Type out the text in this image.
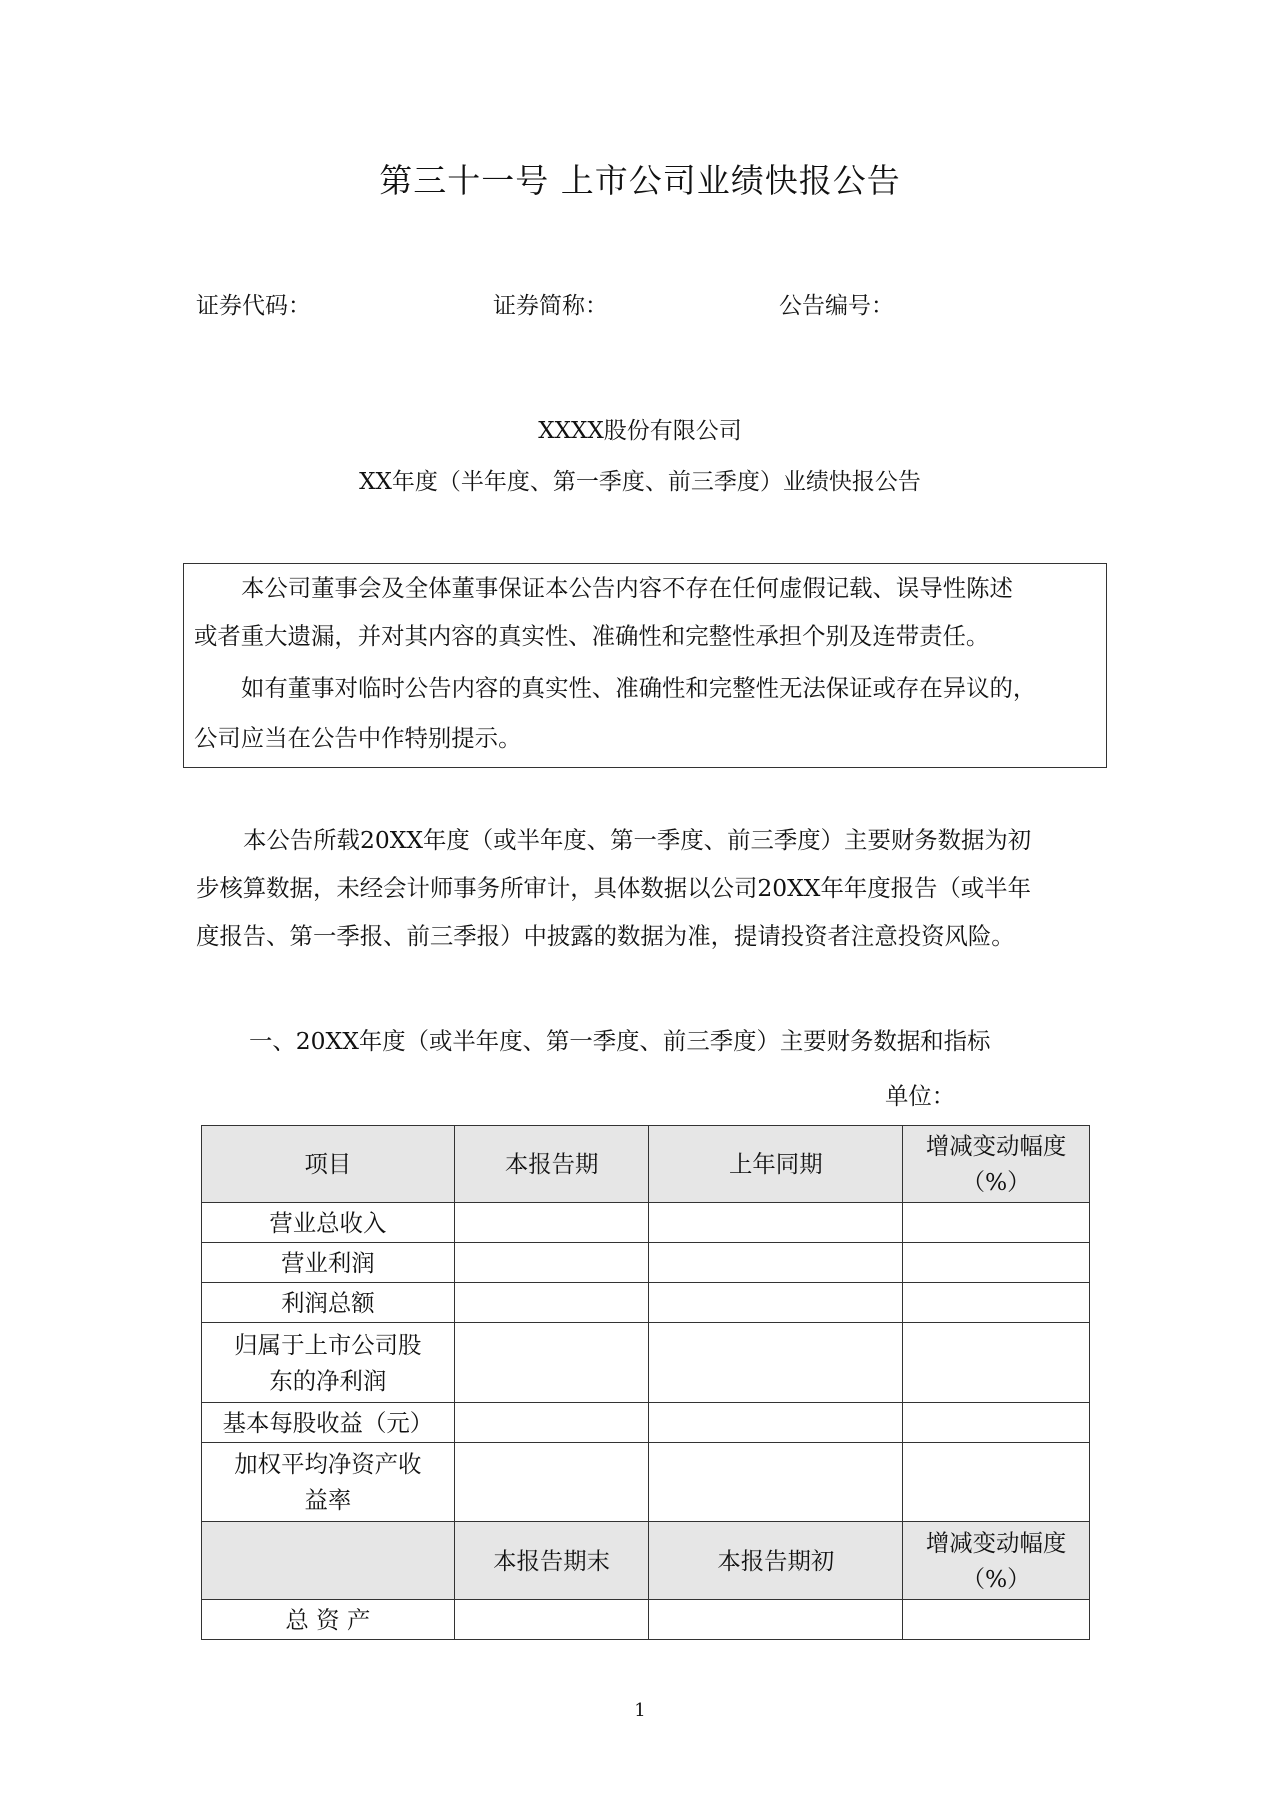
第三十一号 上市公司业绩快报公告
证券代码：	证券简称：	公告编号：
XXXX股份有限公司
XX年度（半年度、第一季度、前三季度）业绩快报公告

本公司董事会及全体董事保证本公告内容不存在任何虚假记载、误导性陈述

或者重大遗漏，并对其内容的真实性、准确性和完整性承担个别及连带责任。

如有董事对临时公告内容的真实性、准确性和完整性无法保证或存在异议的，

公司应当在公告中作特别提示。

本公告所载20XX年度（或半年度、第一季度、前三季度）主要财务数据为初

步核算数据，未经会计师事务所审计，具体数据以公司20XX年年度报告（或半年

度报告、第一季报、前三季报）中披露的数据为准，提请投资者注意投资风险。

一、20XX年度（或半年度、第一季度、前三季度）主要财务数据和指标
单位：
项目	本报告期	上年同期	增减变动幅度
（%）

营业总收入			
营业利润			
利润总额			

归属于上市公司股
东的净利润			

基本每股收益（元）			

加权平均净资产收
益率			

	本报告期末	本报告期初	增减变动幅度
（%）

总 资 产			
1
